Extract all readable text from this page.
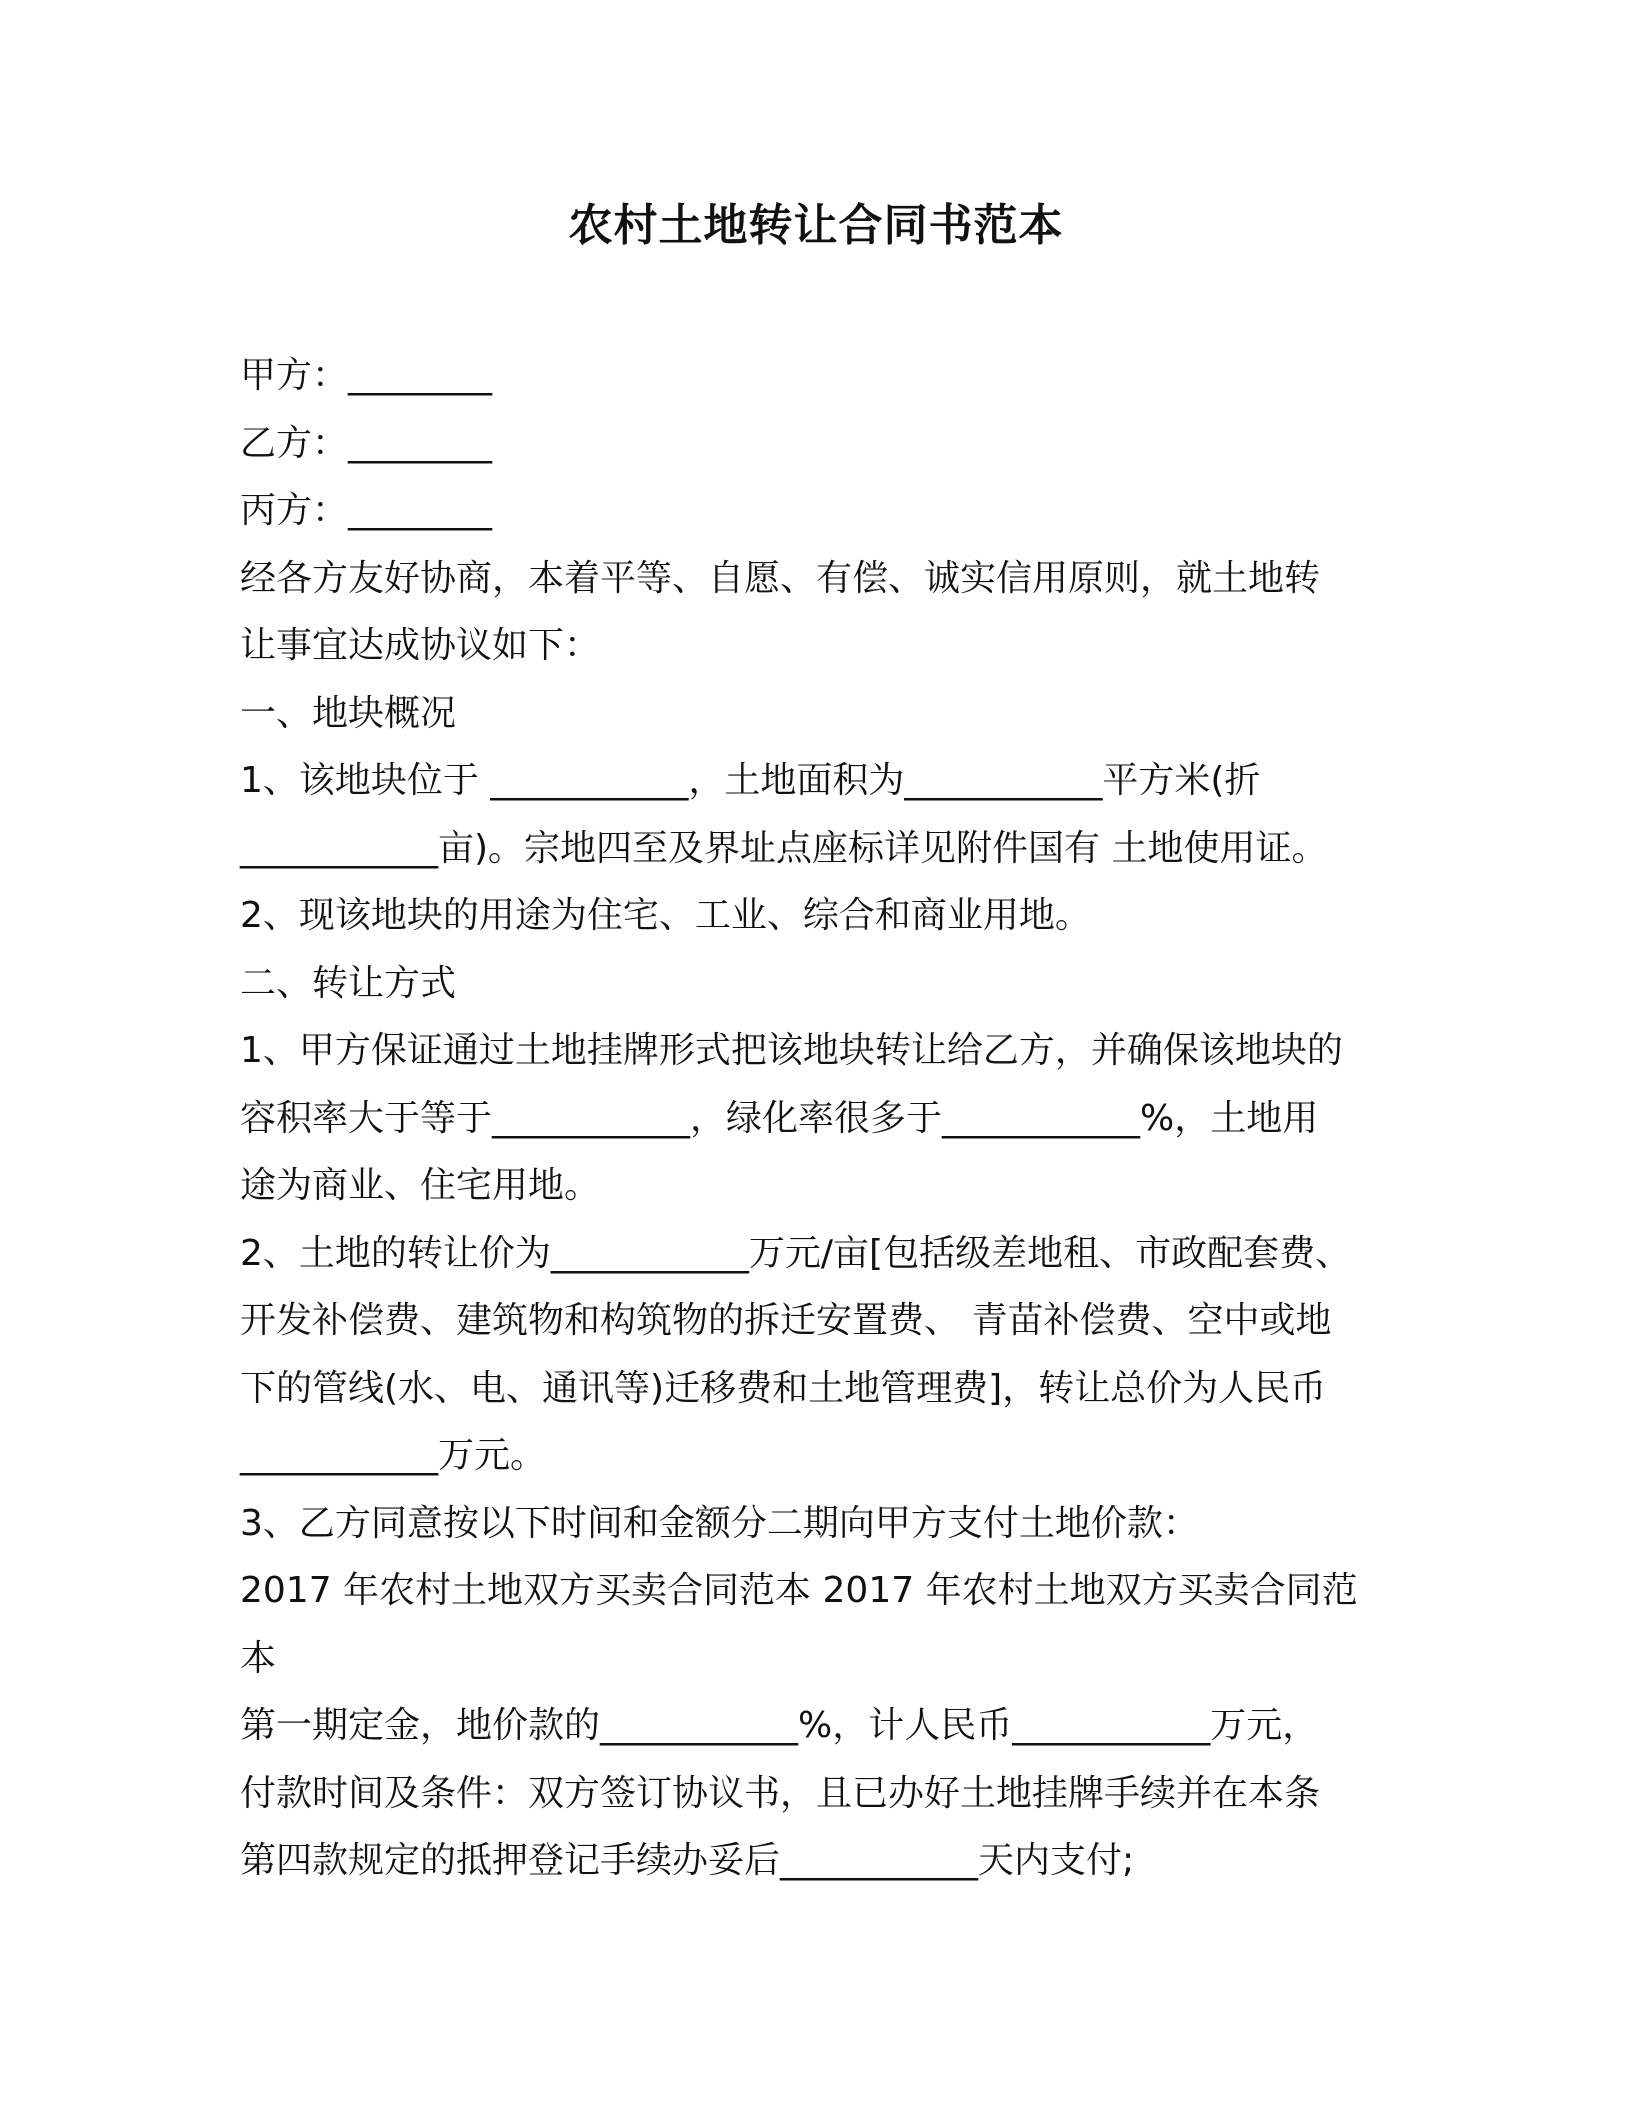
农村土地转让合同书范本
甲方：________
乙方：________
丙方：________
经各方友好协商，本着平等、自愿、有偿、诚实信用原则，就土地转
让事宜达成协议如下：
一、地块概况
1、该地块位于 ___________，土地面积为___________平方米(折
___________亩)。宗地四至及界址点座标详见附件国有 土地使用证。
2、现该地块的用途为住宅、工业、综合和商业用地。
二、转让方式
1、甲方保证通过土地挂牌形式把该地块转让给乙方，并确保该地块的
容积率大于等于___________，绿化率很多于___________%，土地用
途为商业、住宅用地。
2、土地的转让价为___________万元/亩[包括级差地租、市政配套费、
开发补偿费、建筑物和构筑物的拆迁安置费、 青苗补偿费、空中或地
下的管线(水、电、通讯等)迁移费和土地管理费]，转让总价为人民币
___________万元。
3、乙方同意按以下时间和金额分二期向甲方支付土地价款：
2017 年农村土地双方买卖合同范本 2017 年农村土地双方买卖合同范
本
第一期定金，地价款的___________%，计人民币___________万元，
付款时间及条件：双方签订协议书，且已办好土地挂牌手续并在本条
第四款规定的抵押登记手续办妥后___________天内支付;
